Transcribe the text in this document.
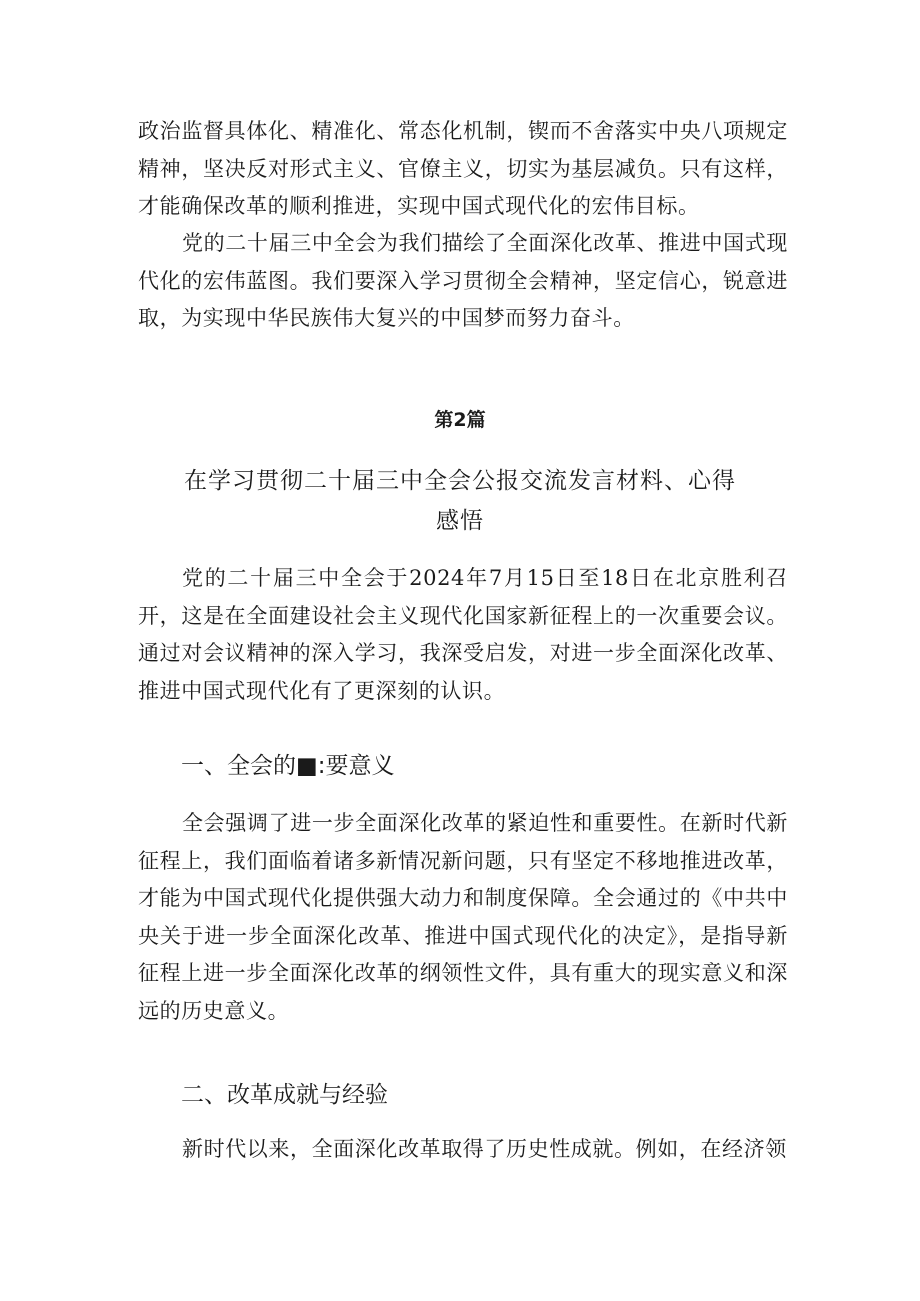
政治监督具体化、精准化、常态化机制，锲而不舍落实中央八项规定精神，坚决反对形式主义、官僚主义，切实为基层减负。只有这样，才能确保改革的顺利推进，实现中国式现代化的宏伟目标。

党的二十届三中全会为我们描绘了全面深化改革、推进中国式现代化的宏伟蓝图。我们要深入学习贯彻全会精神，坚定信心，锐意进取，为实现中华民族伟大复兴的中国梦而努力奋斗。

第2篇

在学习贯彻二十届三中全会公报交流发言材料、心得感悟

党的二十届三中全会于2024年7月15日至18日在北京胜利召开，这是在全面建设社会主义现代化国家新征程上的一次重要会议。通过对会议精神的深入学习，我深受启发，对进一步全面深化改革、推进中国式现代化有了更深刻的认识。

一、全会的■:要意义

全会强调了进一步全面深化改革的紧迫性和重要性。在新时代新征程上，我们面临着诸多新情况新问题，只有坚定不移地推进改革，才能为中国式现代化提供强大动力和制度保障。全会通过的《中共中央关于进一步全面深化改革、推进中国式现代化的决定》，是指导新征程上进一步全面深化改革的纲领性文件，具有重大的现实意义和深远的历史意义。

二、改革成就与经验

新时代以来，全面深化改革取得了历史性成就。例如，在经济领
